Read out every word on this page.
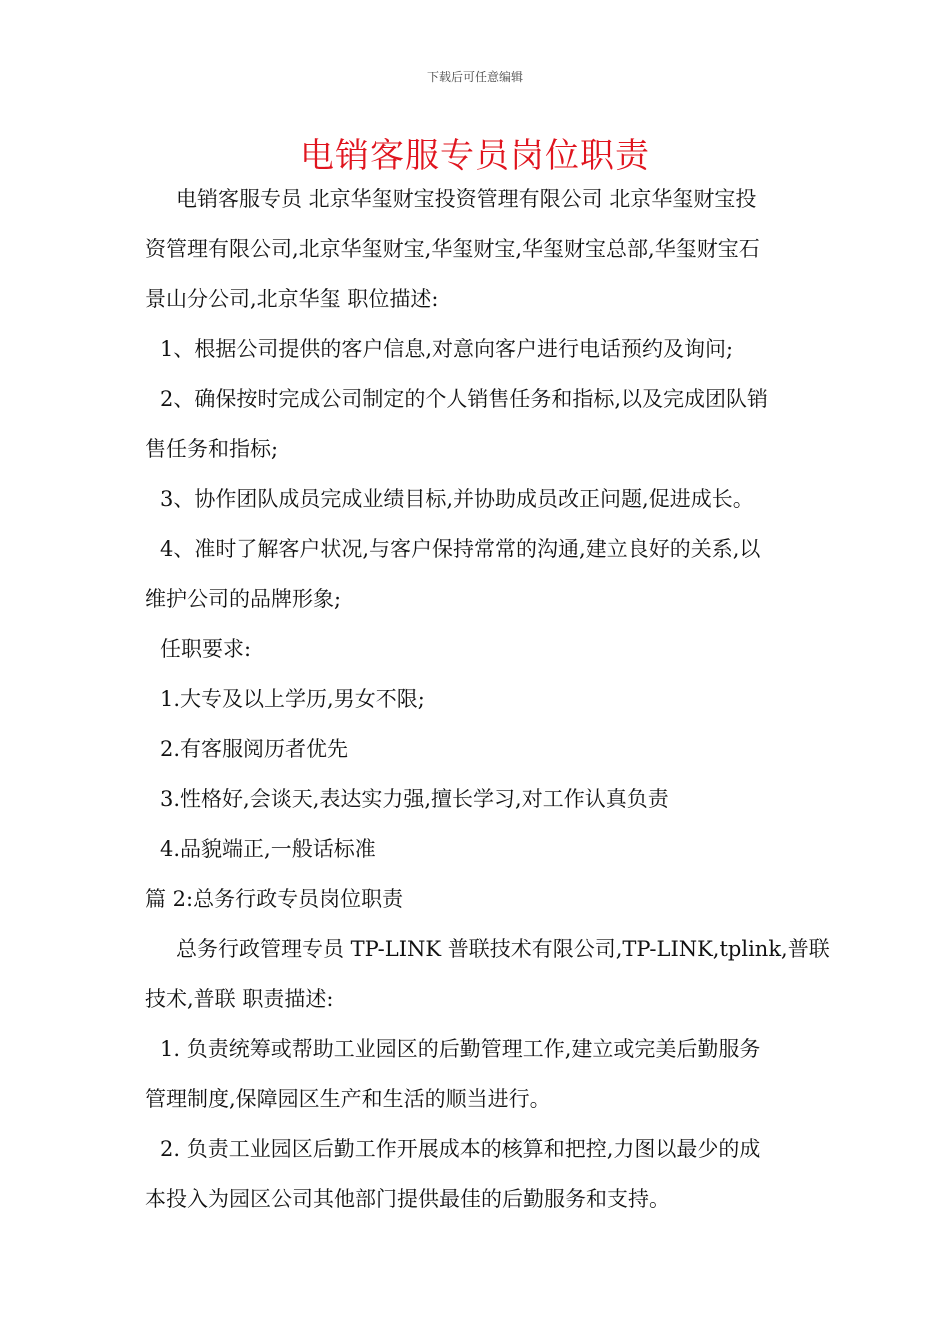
下载后可任意编辑
电销客服专员岗位职责
电销客服专员 北京华玺财宝投资管理有限公司 北京华玺财宝投
资管理有限公司,北京华玺财宝,华玺财宝,华玺财宝总部,华玺财宝石
景山分公司,北京华玺 职位描述:
1、根据公司提供的客户信息,对意向客户进行电话预约及询问;
2、确保按时完成公司制定的个人销售任务和指标,以及完成团队销
售任务和指标;
3、协作团队成员完成业绩目标,并协助成员改正问题,促进成长。
4、准时了解客户状况,与客户保持常常的沟通,建立良好的关系,以
维护公司的品牌形象;
任职要求:
1.大专及以上学历,男女不限;
2.有客服阅历者优先
3.性格好,会谈天,表达实力强,擅长学习,对工作认真负责
4.品貌端正,一般话标准
篇 2:总务行政专员岗位职责
总务行政管理专员 TP-LINK 普联技术有限公司,TP-LINK,tplink,普联
技术,普联 职责描述:
1. 负责统筹或帮助工业园区的后勤管理工作,建立或完美后勤服务
管理制度,保障园区生产和生活的顺当进行。
2. 负责工业园区后勤工作开展成本的核算和把控,力图以最少的成
本投入为园区公司其他部门提供最佳的后勤服务和支持。
